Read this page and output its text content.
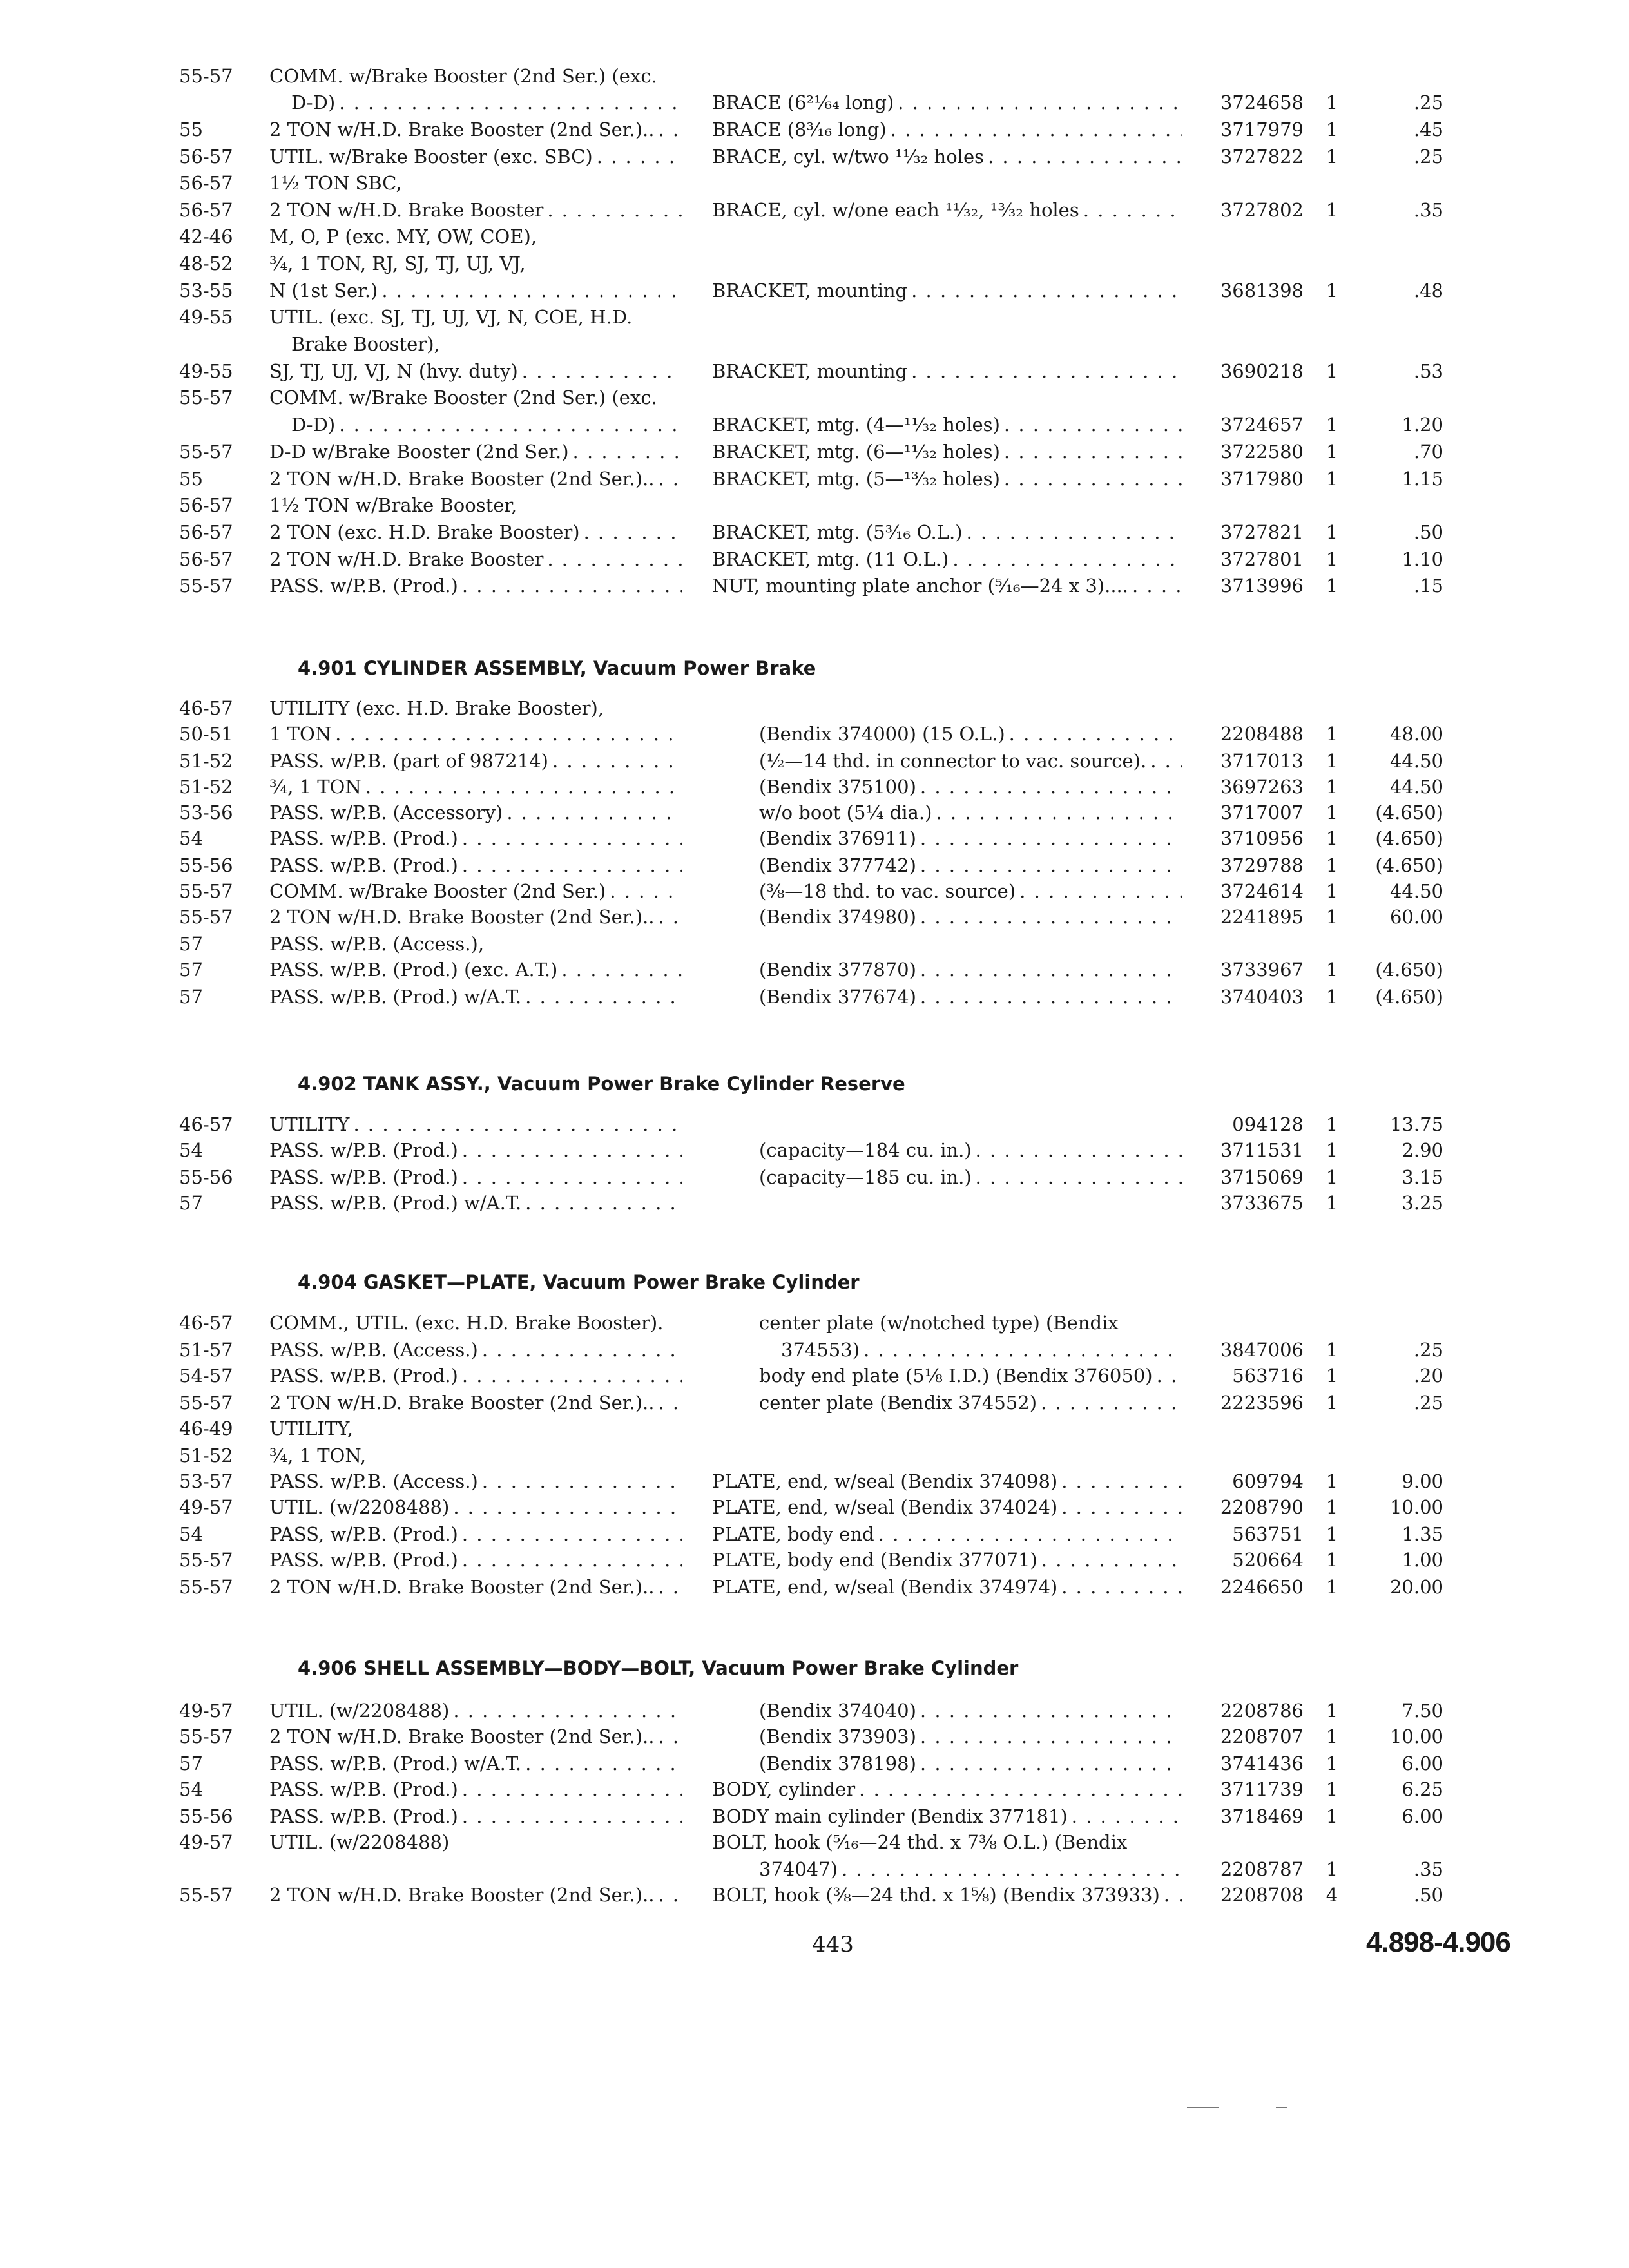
55-57	COMM. w/Brake Booster (2nd Ser.) (exc.
D-D) . . .	BRACE (6²¹⁄₆₄ long) . . .	3724658	1	.25
55	2 TON w/H.D. Brake Booster (2nd Ser.).. . . .	BRACE (8³⁄₁₆ long) . . .	3717979	1	.45
56-57	UTIL. w/Brake Booster (exc. SBC) . . .	BRACE, cyl. w/two ¹¹⁄₃₂ holes . . .	3727822	1	.25
56-57	1½ TON SBC,
56-57	2 TON w/H.D. Brake Booster . . .	BRACE, cyl. w/one each ¹¹⁄₃₂, ¹³⁄₃₂ holes . . .	3727802	1	.35
42-46	M, O, P (exc. MY, OW, COE),
48-52	¾, 1 TON, RJ, SJ, TJ, UJ, VJ,
53-55	N (1st Ser.) . . .	BRACKET, mounting . . .	3681398	1	.48
49-55	UTIL. (exc. SJ, TJ, UJ, VJ, N, COE, H.D.
Brake Booster),
49-55	SJ, TJ, UJ, VJ, N (hvy. duty) . . .	BRACKET, mounting . . .	3690218	1	.53
55-57	COMM. w/Brake Booster (2nd Ser.) (exc.
D-D) . . .	BRACKET, mtg. (4—¹¹⁄₃₂ holes) . . .	3724657	1	1.20
55-57	D-D w/Brake Booster (2nd Ser.) . . .	BRACKET, mtg. (6—¹¹⁄₃₂ holes) . . .	3722580	1	.70
55	2 TON w/H.D. Brake Booster (2nd Ser.).. . . .	BRACKET, mtg. (5—¹³⁄₃₂ holes) . . .	3717980	1	1.15
56-57	1½ TON w/Brake Booster,
56-57	2 TON (exc. H.D. Brake Booster) . . .	BRACKET, mtg. (5³⁄₁₆ O.L.) . . .	3727821	1	.50
56-57	2 TON w/H.D. Brake Booster . . .	BRACKET, mtg. (11 O.L.) . . .	3727801	1	1.10
55-57	PASS. w/P.B. (Prod.) . . .	NUT, mounting plate anchor (⁵⁄₁₆—24 x 3).... . . .	3713996	1	.15
46-57	UTILITY (exc. H.D. Brake Booster),
50-51	1 TON . . .	(Bendix 374000) (15 O.L.) . . .	2208488	1	48.00
51-52	PASS. w/P.B. (part of 987214) . . .	(½—14 thd. in connector to vac. source). . . .	3717013	1	44.50
51-52	¾, 1 TON . . .	(Bendix 375100) . . .	3697263	1	44.50
53-56	PASS. w/P.B. (Accessory) . . .	w/o boot (5¼ dia.) . . .	3717007	1	(4.650)
54	PASS. w/P.B. (Prod.) . . .	(Bendix 376911) . . .	3710956	1	(4.650)
55-56	PASS. w/P.B. (Prod.) . . .	(Bendix 377742) . . .	3729788	1	(4.650)
55-57	COMM. w/Brake Booster (2nd Ser.) . . .	(⅜—18 thd. to vac. source) . . .	3724614	1	44.50
55-57	2 TON w/H.D. Brake Booster (2nd Ser.).. . . .	(Bendix 374980) . . .	2241895	1	60.00
57	PASS. w/P.B. (Access.),
57	PASS. w/P.B. (Prod.) (exc. A.T.) . . .	(Bendix 377870) . . .	3733967	1	(4.650)
57	PASS. w/P.B. (Prod.) w/A.T. . . .	(Bendix 377674) . . .	3740403	1	(4.650)
46-57	UTILITY . . .	094128	1	13.75
54	PASS. w/P.B. (Prod.) . . .	(capacity—184 cu. in.) . . .	3711531	1	2.90
55-56	PASS. w/P.B. (Prod.) . . .	(capacity—185 cu. in.) . . .	3715069	1	3.15
57	PASS. w/P.B. (Prod.) w/A.T. . . .	3733675	1	3.25
46-57	COMM., UTIL. (exc. H.D. Brake Booster).	center plate (w/notched type) (Bendix
51-57	PASS. w/P.B. (Access.) . . .	374553) . . .	3847006	1	.25
54-57	PASS. w/P.B. (Prod.) . . .	body end plate (5⅛ I.D.) (Bendix 376050) . . .	563716	1	.20
55-57	2 TON w/H.D. Brake Booster (2nd Ser.).. . . .	center plate (Bendix 374552) . . .	2223596	1	.25
46-49	UTILITY,
51-52	¾, 1 TON,
53-57	PASS. w/P.B. (Access.) . . .	PLATE, end, w/seal (Bendix 374098) . . .	609794	1	9.00
49-57	UTIL. (w/2208488) . . .	PLATE, end, w/seal (Bendix 374024) . . .	2208790	1	10.00
54	PASS, w/P.B. (Prod.) . . .	PLATE, body end . . .	563751	1	1.35
55-57	PASS. w/P.B. (Prod.) . . .	PLATE, body end (Bendix 377071) . . .	520664	1	1.00
55-57	2 TON w/H.D. Brake Booster (2nd Ser.).. . . .	PLATE, end, w/seal (Bendix 374974) . . .	2246650	1	20.00
49-57	UTIL. (w/2208488) . . .	(Bendix 374040) . . .	2208786	1	7.50
55-57	2 TON w/H.D. Brake Booster (2nd Ser.).. . . .	(Bendix 373903) . . .	2208707	1	10.00
57	PASS. w/P.B. (Prod.) w/A.T. . . .	(Bendix 378198) . . .	3741436	1	6.00
54	PASS. w/P.B. (Prod.) . . .	BODY, cylinder . . .	3711739	1	6.25
55-56	PASS. w/P.B. (Prod.) . . .	BODY main cylinder (Bendix 377181) . . .	3718469	1	6.00
49-57	UTIL. (w/2208488)	BOLT, hook (⁵⁄₁₆—24 thd. x 7⅜ O.L.) (Bendix
374047) . . .	2208787	1	.35
55-57	2 TON w/H.D. Brake Booster (2nd Ser.).. . . .	BOLT, hook (⅜—24 thd. x 1⅝) (Bendix 373933) . . .	2208708	4	.50
4.901 CYLINDER ASSEMBLY, Vacuum Power Brake
4.902 TANK ASSY., Vacuum Power Brake Cylinder Reserve
4.904 GASKET—PLATE, Vacuum Power Brake Cylinder
4.906 SHELL ASSEMBLY—BODY—BOLT, Vacuum Power Brake Cylinder
443	4.898-4.906
